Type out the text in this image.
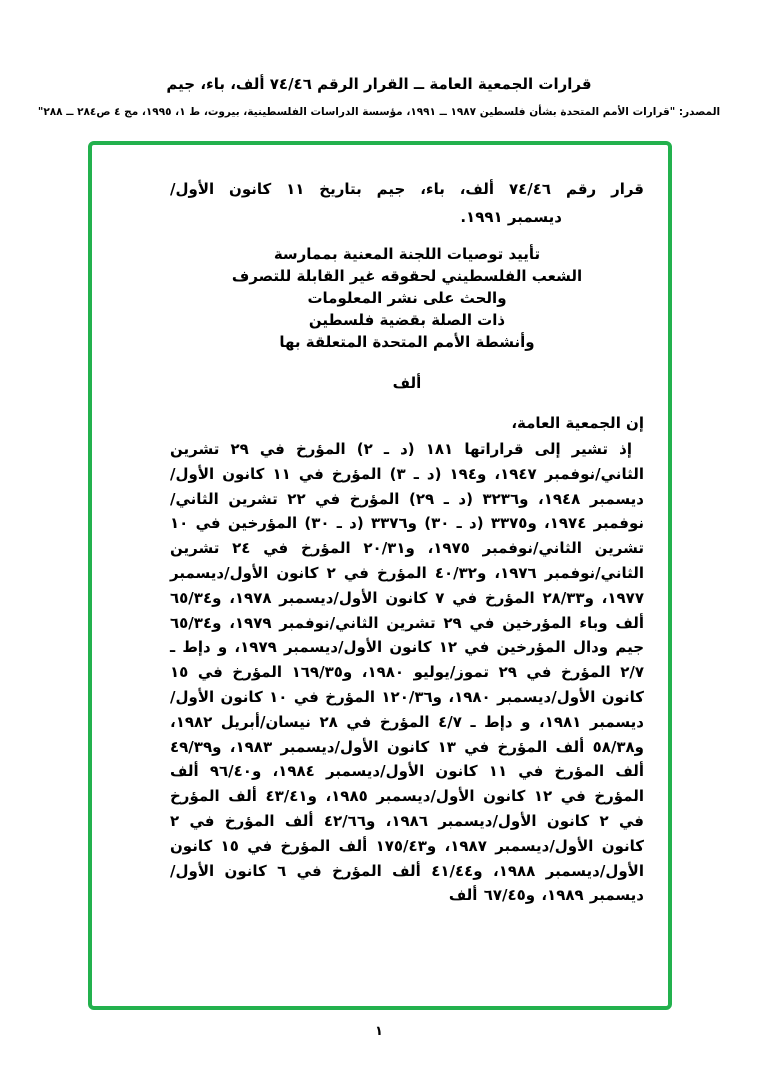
قرارات الجمعية العامة ــ القرار الرقم ٧٤/٤٦ ألف، باء، جيم
المصدر: "قرارات الأمم المتحدة بشأن فلسطين ١٩٨٧ ــ ١٩٩١، مؤسسة الدراسات الفلسطينية، بيروت، ط ١، ١٩٩٥، مج ٤ ص٢٨٤ ــ ٢٨٨"
قرار رقم ٧٤/٤٦ ألف، باء، جيم بتاريخ ١١ كانون الأول/
ديسمبر ١٩٩١.
تأييد توصيات اللجنة المعنية بممارسة
الشعب الفلسطيني لحقوقه غير القابلة للتصرف
والحث على نشر المعلومات
ذات الصلة بقضية فلسطين
وأنشطة الأمم المتحدة المتعلقة بها
ألف
إن الجمعية العامة،
إذ تشير إلى قراراتها ١٨١ (د ـ ٢) المؤرخ في ٢٩ تشرين الثاني/نوفمبر ١٩٤٧، و١٩٤ (د ـ ٣) المؤرخ في ١١ كانون الأول/ديسمبر ١٩٤٨، و٣٢٣٦ (د ـ ٢٩) المؤرخ في ٢٢ تشرين الثاني/نوفمبر ١٩٧٤، و٣٣٧٥ (د ـ ٣٠) و٣٣٧٦ (د ـ ٣٠) المؤرخين في ١٠ تشرين الثاني/نوفمبر ١٩٧٥، و٢٠/٣١ المؤرخ في ٢٤ تشرين الثاني/نوفمبر ١٩٧٦، و٤٠/٣٢ المؤرخ في ٢ كانون الأول/ديسمبر ١٩٧٧، و٢٨/٣٣ المؤرخ في ٧ كانون الأول/ديسمبر ١٩٧٨، و٦٥/٣٤ ألف وباء المؤرخين في ٢٩ تشرين الثاني/نوفمبر ١٩٧٩، و٦٥/٣٤ جيم ودال المؤرخين في ١٢ كانون الأول/ديسمبر ١٩٧٩، و دإط ـ ٢/٧ المؤرخ في ٢٩ تموز/يوليو ١٩٨٠، و١٦٩/٣٥ المؤرخ في ١٥ كانون الأول/ديسمبر ١٩٨٠، و١٢٠/٣٦ المؤرخ في ١٠ كانون الأول/ديسمبر ١٩٨١، و دإط ـ ٤/٧ المؤرخ في ٢٨ نيسان/أبريل ١٩٨٢، و٥٨/٣٨ ألف المؤرخ في ١٣ كانون الأول/ديسمبر ١٩٨٣، و٤٩/٣٩ ألف المؤرخ في ١١ كانون الأول/ديسمبر ١٩٨٤، و٩٦/٤٠ ألف المؤرخ في ١٢ كانون الأول/ديسمبر ١٩٨٥، و٤٣/٤١ ألف المؤرخ في ٢ كانون الأول/ديسمبر ١٩٨٦، و٤٢/٦٦ ألف المؤرخ في ٢ كانون الأول/ديسمبر ١٩٨٧، و١٧٥/٤٣ ألف المؤرخ في ١٥ كانون الأول/ديسمبر ١٩٨٨، و٤١/٤٤ ألف المؤرخ في ٦ كانون الأول/ديسمبر ١٩٨٩، و٦٧/٤٥ ألف
١
